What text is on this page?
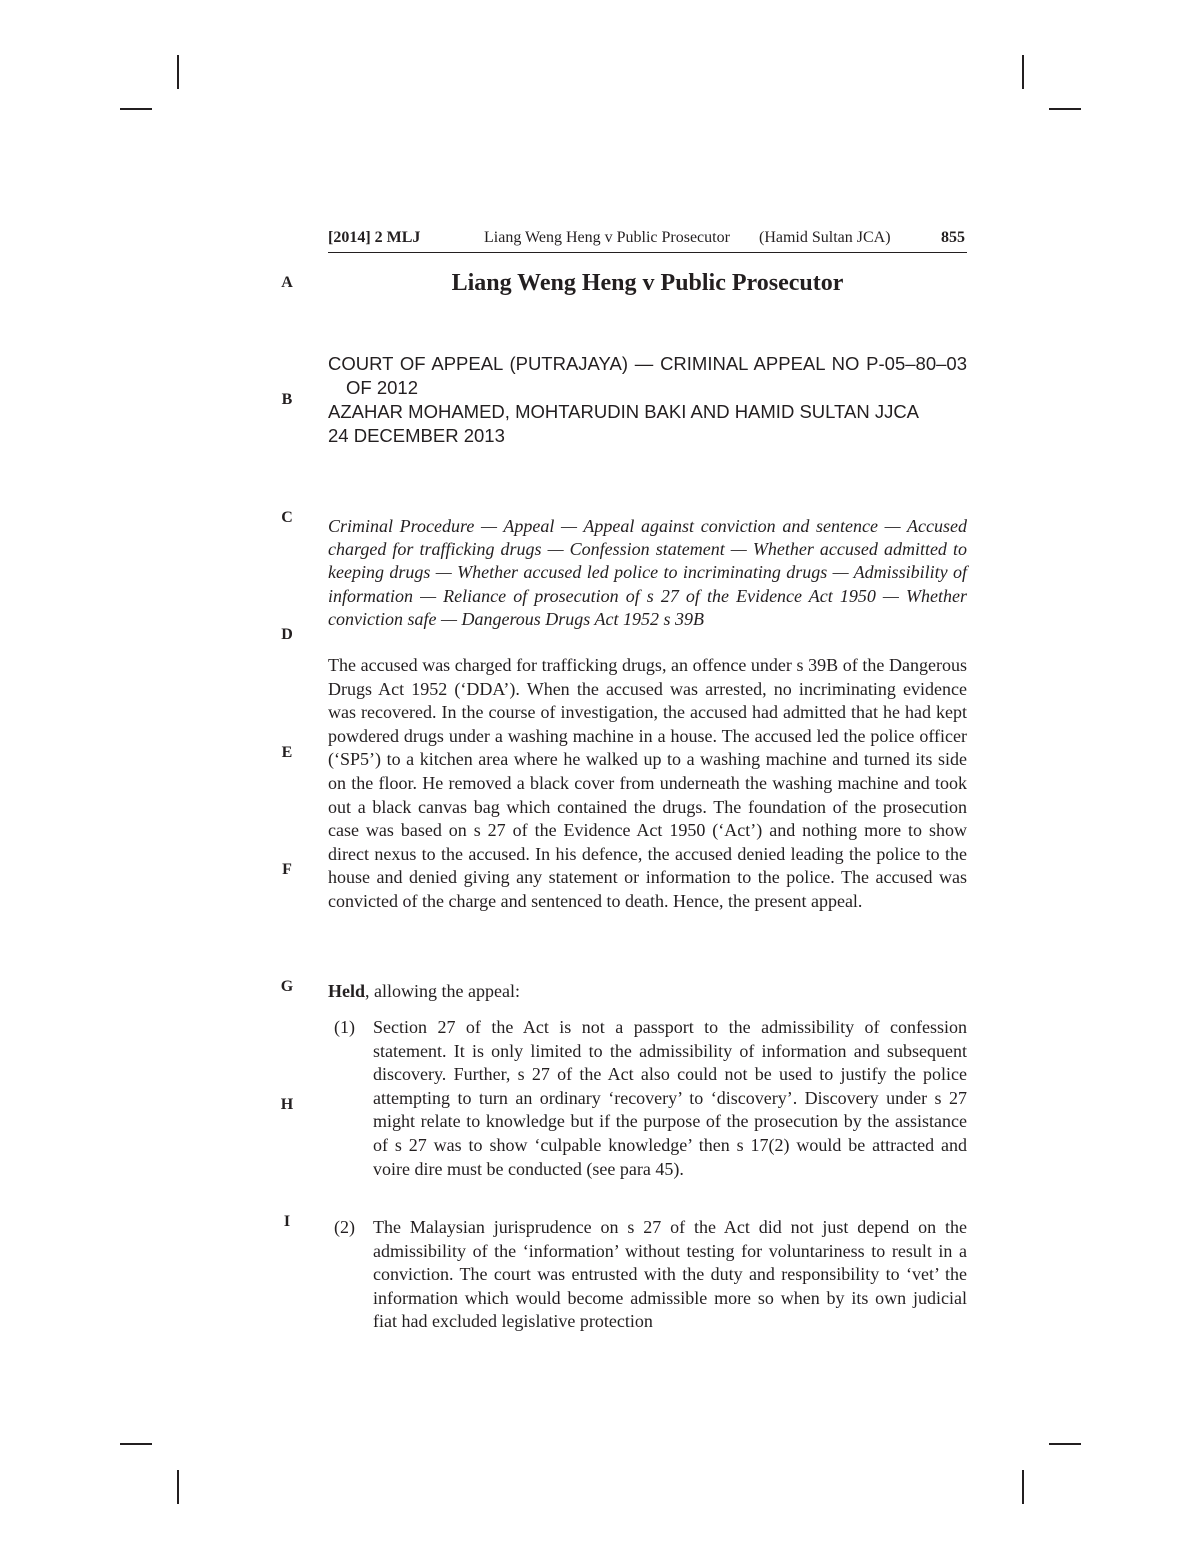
[2014] 2 MLJ	Liang Weng Heng v Public Prosecutor (Hamid Sultan JCA)	855
A
B
C
D
E
F
G
H
I
Liang Weng Heng v Public Prosecutor
COURT OF APPEAL (PUTRAJAYA) — CRIMINAL APPEAL NO P-05–80–03 OF 2012
AZAHAR MOHAMED, MOHTARUDIN BAKI AND HAMID SULTAN JJCA
24 DECEMBER 2013

Criminal Procedure — Appeal — Appeal against conviction and sentence — Accused charged for trafficking drugs — Confession statement — Whether accused admitted to keeping drugs — Whether accused led police to incriminating drugs — Admissibility of information — Reliance of prosecution of s 27 of the Evidence Act 1950 — Whether conviction safe — Dangerous Drugs Act 1952 s 39B

The accused was charged for trafficking drugs, an offence under s 39B of the Dangerous Drugs Act 1952 (‘DDA’). When the accused was arrested, no incriminating evidence was recovered. In the course of investigation, the accused had admitted that he had kept powdered drugs under a washing machine in a house. The accused led the police officer (‘SP5’) to a kitchen area where he walked up to a washing machine and turned its side on the floor. He removed a black cover from underneath the washing machine and took out a black canvas bag which contained the drugs. The foundation of the prosecution case was based on s 27 of the Evidence Act 1950 (‘Act’) and nothing more to show direct nexus to the accused. In his defence, the accused denied leading the police to the house and denied giving any statement or information to the police. The accused was convicted of the charge and sentenced to death. Hence, the present appeal.

Held, allowing the appeal:

(1) Section 27 of the Act is not a passport to the admissibility of confession statement. It is only limited to the admissibility of information and subsequent discovery. Further, s 27 of the Act also could not be used to justify the police attempting to turn an ordinary ‘recovery’ to ‘discovery’. Discovery under s 27 might relate to knowledge but if the purpose of the prosecution by the assistance of s 27 was to show ‘culpable knowledge’ then s 17(2) would be attracted and voire dire must be conducted (see para 45).
(2) The Malaysian jurisprudence on s 27 of the Act did not just depend on the admissibility of the ‘information’ without testing for voluntariness to result in a conviction. The court was entrusted with the duty and responsibility to ‘vet’ the information which would become admissible more so when by its own judicial fiat had excluded legislative protection
